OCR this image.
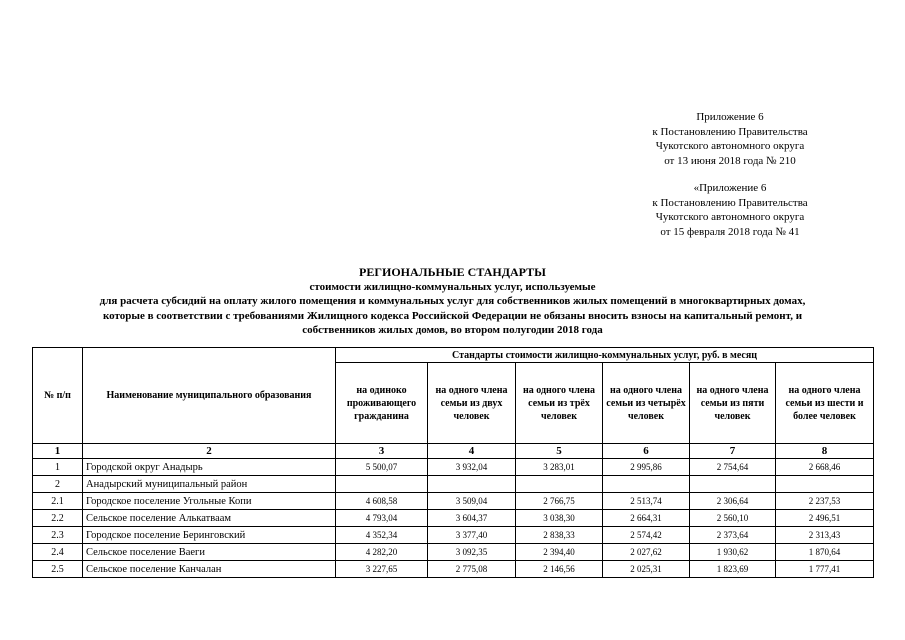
Приложение 6
к Постановлению Правительства
Чукотского автономного округа
от 13 июня 2018 года № 210
«Приложение 6
к Постановлению Правительства
Чукотского автономного округа
от 15 февраля 2018 года № 41
РЕГИОНАЛЬНЫЕ СТАНДАРТЫ
стоимости жилищно-коммунальных услуг, используемые
для расчета субсидий на оплату жилого помещения и коммунальных услуг для собственников жилых помещений в многоквартирных домах,
которые в соответствии с требованиями Жилищного кодекса Российской Федерации не обязаны вносить взносы на капитальный ремонт, и
собственников жилых домов, во втором полугодии 2018 года
№ п/п	Наименование муниципального образования	Стандарты стоимости жилищно-коммунальных услуг, руб. в месяц					
		на одиноко проживающего гражданина	на одного члена семьи из двух человек	на одного члена семьи из трёх человек	на одного члена семьи из четырёх человек	на одного члена семьи из пяти человек	на одного члена семьи из шести и более человек
1	2	3	4	5	6	7	8
1	Городской округ Анадырь	5 500,07	3 932,04	3 283,01	2 995,86	2 754,64	2 668,46
2	Анадырский муниципальный район						
2.1	Городское поселение Угольные Копи	4 608,58	3 509,04	2 766,75	2 513,74	2 306,64	2 237,53
2.2	Сельское поселение Алькатваам	4 793,04	3 604,37	3 038,30	2 664,31	2 560,10	2 496,51
2.3	Городское поселение Беринговский	4 352,34	3 377,40	2 838,33	2 574,42	2 373,64	2 313,43
2.4	Сельское поселение Ваеги	4 282,20	3 092,35	2 394,40	2 027,62	1 930,62	1 870,64
2.5	Сельское поселение Канчалан	3 227,65	2 775,08	2 146,56	2 025,31	1 823,69	1 777,41
